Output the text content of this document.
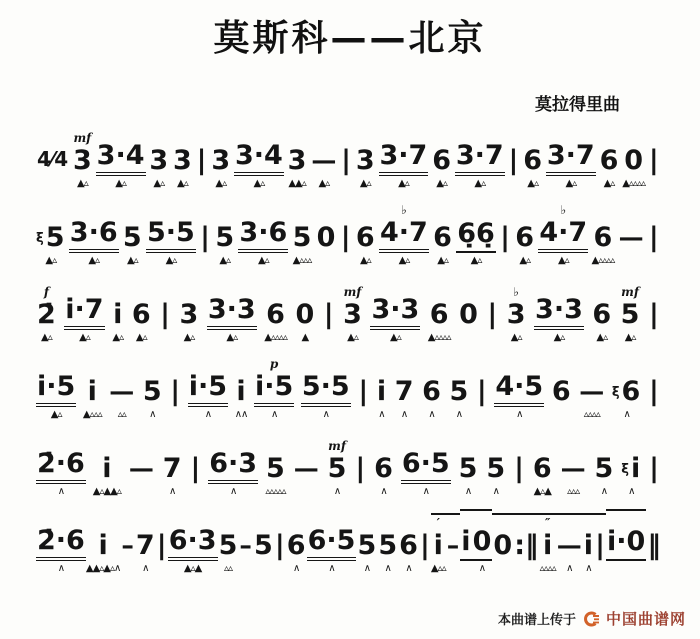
莫斯科——北京
莫拉得里曲

4⁄4

mf
3
▲▵

3·4
▲▵

3
▲▵

3
▲▵

|

3
▲▵

3·4
▲▵

3
▲▲▵

—
▲▵

|

3
▲▵

3·7
▲▵

6
▲▵

3·7
▲▵

|

6
▲▵

3·7
▲▵

6
▲▵

0
▲▵▵▵▵

|

ξ 5
▲▵

3·6
▲▵

5
▲▵

5·5
▲▵

|

5
▲▵

3·6
▲▵

5
▲▵▵▵

0

|

6
▲▵
♭
4·7
▲▵

6
▲▵

6̣6̣
▲▵

|

6
▲▵
♭
4·7
▲▵

6
▲▵▵▵▵

—

|

f
2̇
▲▵

i·7
▲▵

i
▲▵

6
▲▵

|

3
▲▵

3·3
▲▵

6
▲▵▵▵▵

0
▲

|

mf
3
▲▵

3·3
▲▵

6
▲▵▵▵▵

0

|

♭
3
▲▵

3·3
▲▵

6
▲▵
mf
5
▲▵

|

i·5
▲▵

i
▲▵▵▵

—
▵▵

5
∧

|

i·5
∧

i
∧∧
p
i·5
∧

5·5
∧

|

i
∧

7
∧

6
∧

5
∧

|

4·5
∧

6

—
▵▵▵▵

ξ 6
∧

|

2̇·6
∧

i
▲▵▲▲▵

—

7
∧

|

6·3
∧

5
▵▵▵▵▵

—

mf
5
∧

|

6
∧

6·5
∧

5
∧

5
∧

|

6
▲▵▲

—
▵▵▵

5
∧

ξ i
∧

|

2̇·6
∧

i
▲▲▵▲▵∧

–

7
∧

|

6·3
▲▵▲

5
▵▵

–

5

|

6
∧

6·5
∧

5
∧

5
∧

6
∧

|

′
i
▲▵▵

–

i

0
∧

0

:‖

″
i
▵▵▵▵

—
∧

i
∧

|

i·0

‖

本曲谱上传于 中国曲谱网
